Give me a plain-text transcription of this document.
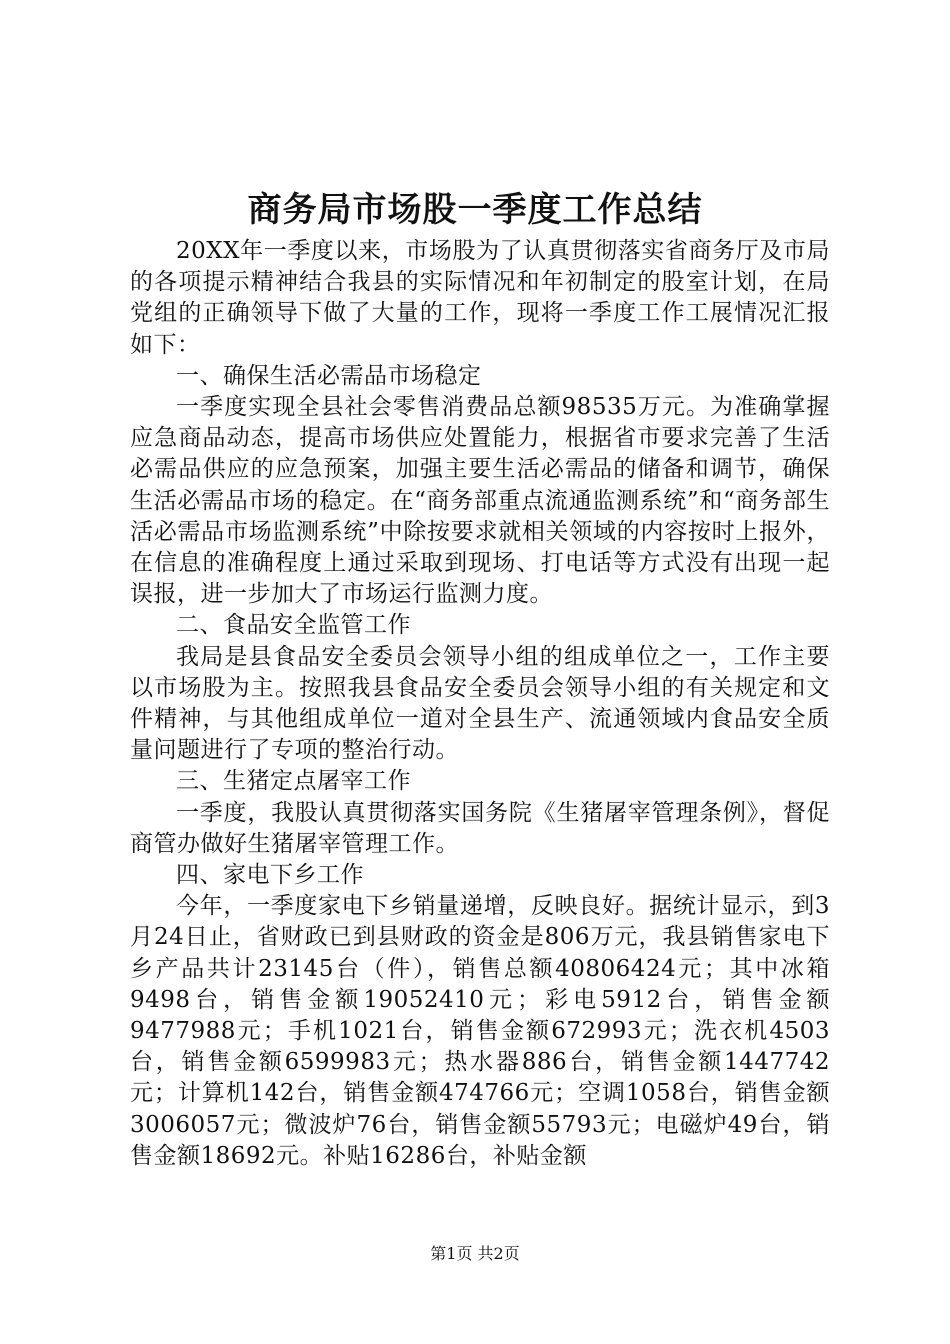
商务局市场股一季度工作总结

20XX年一季度以来，市场股为了认真贯彻落实省商务厅及市局的各项提示精神结合我县的实际情况和年初制定的股室计划，在局党组的正确领导下做了大量的工作，现将一季度工作工展情况汇报如下：

一、确保生活必需品市场稳定

一季度实现全县社会零售消费品总额98535万元。为准确掌握应急商品动态，提高市场供应处置能力，根据省市要求完善了生活必需品供应的应急预案，加强主要生活必需品的储备和调节，确保生活必需品市场的稳定。在“商务部重点流通监测系统”和“商务部生活必需品市场监测系统”中除按要求就相关领域的内容按时上报外，在信息的准确程度上通过采取到现场、打电话等方式没有出现一起误报，进一步加大了市场运行监测力度。

二、食品安全监管工作

我局是县食品安全委员会领导小组的组成单位之一，工作主要以市场股为主。按照我县食品安全委员会领导小组的有关规定和文件精神，与其他组成单位一道对全县生产、流通领域内食品安全质量问题进行了专项的整治行动。

三、生猪定点屠宰工作

一季度，我股认真贯彻落实国务院《生猪屠宰管理条例》，督促商管办做好生猪屠宰管理工作。

四、家电下乡工作

今年，一季度家电下乡销量递增，反映良好。据统计显示，到3月24日止，省财政已到县财政的资金是806万元，我县销售家电下乡产品共计23145台（件），销售总额40806424元；其中冰箱9498台，销售金额19052410元；彩电5912台，销售金额9477988元；手机1021台，销售金额672993元；洗衣机4503台，销售金额6599983元；热水器886台，销售金额1447742元；计算机142台，销售金额474766元；空调1058台，销售金额3006057元；微波炉76台，销售金额55793元；电磁炉49台，销售金额18692元。补贴16286台，补贴金额

第1页 共2页
